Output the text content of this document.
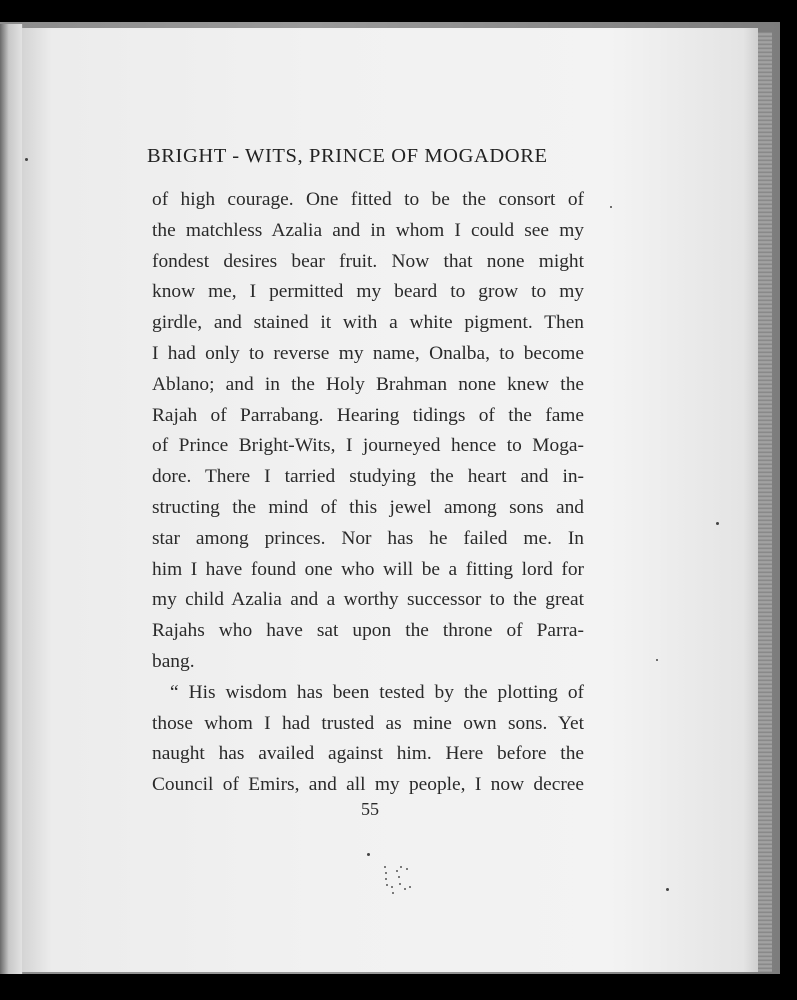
BRIGHT - WITS, PRINCE OF MOGADORE
of high courage. One fitted to be the consort of
the matchless Azalia and in whom I could see my
fondest desires bear fruit. Now that none might
know me, I permitted my beard to grow to my
girdle, and stained it with a white pigment. Then
I had only to reverse my name, Onalba, to become
Ablano; and in the Holy Brahman none knew the
Rajah of Parrabang. Hearing tidings of the fame
of Prince Bright-Wits, I journeyed hence to Moga-
dore. There I tarried studying the heart and in-
structing the mind of this jewel among sons and
star among princes. Nor has he failed me. In
him I have found one who will be a fitting lord for
my child Azalia and a worthy successor to the great
Rajahs who have sat upon the throne of Parra-
bang.
“ His wisdom has been tested by the plotting of
those whom I had trusted as mine own sons. Yet
naught has availed against him. Here before the
Council of Emirs, and all my people, I now decree
55
